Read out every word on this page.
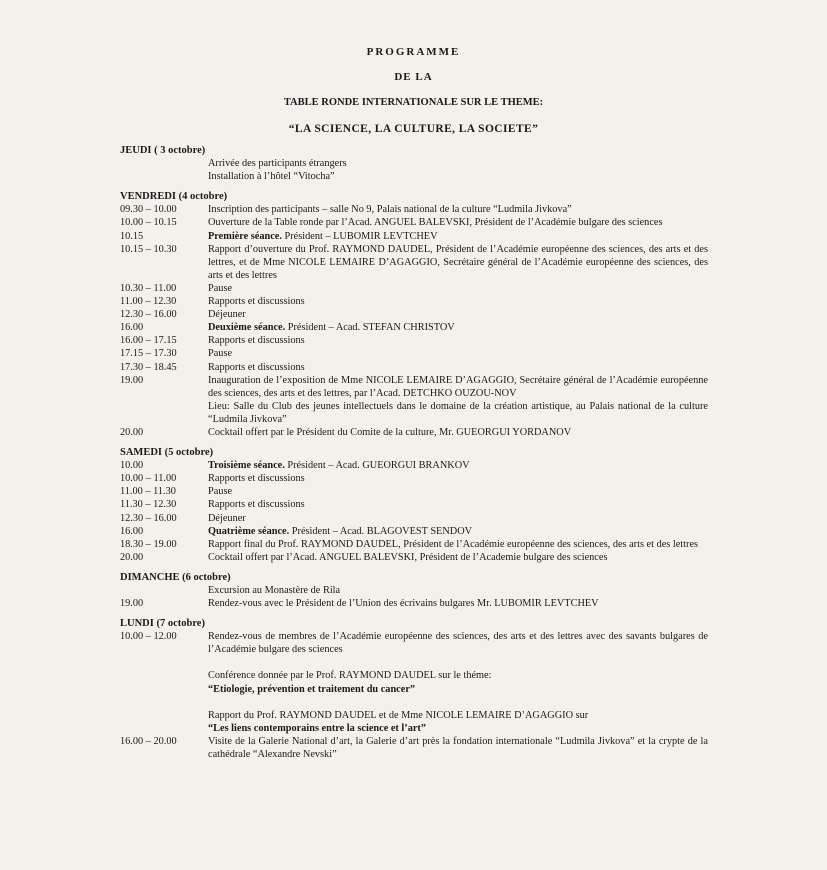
PROGRAMME
DE LA
TABLE RONDE INTERNATIONALE SUR LE THEME:
“LA SCIENCE, LA CULTURE, LA SOCIETE”
JEUDI ( 3 octobre)
Arrivée des participants étrangers
Installation à l’hôtel “Vitocha”
VENDREDI (4 octobre)
09.30 – 10.00	Inscription des participants – salle No 9, Palais national de la culture “Ludmila Jivkova”
10.00 – 10.15	Ouverture de la Table ronde par l’Acad. ANGUEL BALEVSKI, Président de l’Académie bulgare des sciences
10.15	Première séance. Président – LUBOMIR LEVTCHEV
10.15 – 10.30	Rapport d’ouverture du Prof. RAYMOND DAUDEL, Président de l’Académie européenne des sciences, des arts et des lettres, et de Mme NICOLE LEMAIRE D’AGAGGIO, Secrétaire général de l’Académie européenne des sciences, des arts et des lettres
10.30 – 11.00	Pause
11.00 – 12.30	Rapports et discussions
12.30 – 16.00	Déjeuner
16.00	Deuxième séance. Président – Acad. STEFAN CHRISTOV
16.00 – 17.15	Rapports et discussions
17.15 – 17.30	Pause
17.30 – 18.45	Rapports et discussions
19.00	Inauguration de l’exposition de Mme NICOLE LEMAIRE D’AGAGGIO, Secrétaire général de l’Académie européenne des sciences, des arts et des lettres, par l’Acad. DETCHKO OUZOU-NOV
Lieu: Salle du Club des jeunes intellectuels dans le domaine de la création artistique, au Palais national de la culture “Ludmila Jivkova”
20.00	Cocktail offert par le Président du Comite de la culture, Mr. GUEORGUI YORDANOV
SAMEDI (5 octobre)
10.00	Troisième séance. Président – Acad. GUEORGUI BRANKOV
10.00 – 11.00	Rapports et discussions
11.00 – 11.30	Pause
11.30 – 12.30	Rapports et discussions
12.30 – 16.00	Déjeuner
16.00	Quatrième séance. Président – Acad. BLAGOVEST SENDOV
18.30 – 19.00	Rapport final du Prof. RAYMOND DAUDEL, Président de l’Académie européenne des sciences, des arts et des lettres
20.00	Cocktail offert par l’Acad. ANGUEL BALEVSKI, Président de l’Academie bulgare des sciences
DIMANCHE (6 octobre)
Excursion au Monastère de Rila
19.00	Rendez-vous avec le Président de l’Union des écrivains bulgares Mr. LUBOMIR LEVTCHEV
LUNDI (7 octobre)
10.00 – 12.00	Rendez-vous de membres de l’Académie européenne des sciences, des arts et des lettres avec des savants bulgares de l’Académie bulgare des sciences
Conférence donnée par le Prof. RAYMOND DAUDEL sur le théme:
“Etiologie, prévention et traitement du cancer”
Rapport du Prof. RAYMOND DAUDEL et de Mme NICOLE LEMAIRE D’AGAGGIO sur
“Les liens contemporains entre la science et l’art”
16.00 – 20.00	Visite de la Galerie National d’art, la Galerie d’art près la fondation internationale “Ludmila Jivkova” et la crypte de la cathédrale “Alexandre Nevski”
